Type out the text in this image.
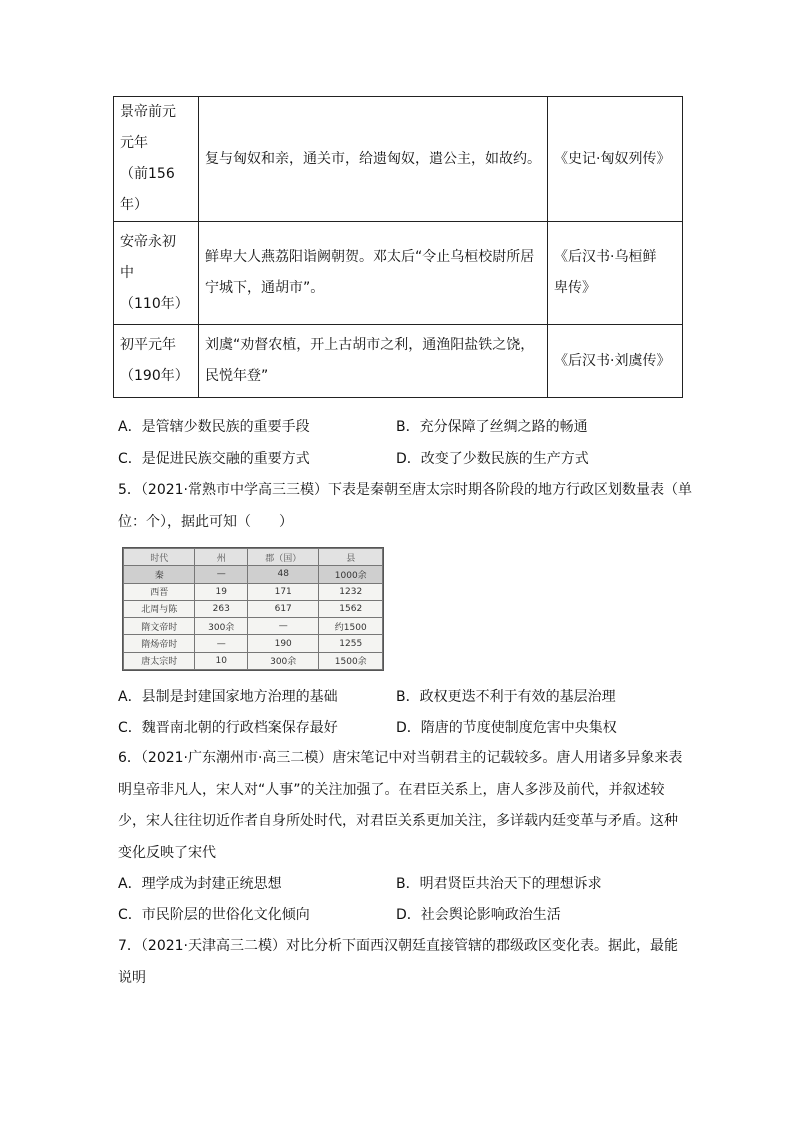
景帝前元
元年
（前156年）	复与匈奴和亲，通关市，给遗匈奴，遣公主，如故约。	《史记·匈奴列传》

安帝永初
中
（110年）	鲜卑大人燕荔阳诣阙朝贺。邓太后“令止乌桓校尉所居
宁城下，通胡市”。	《后汉书·乌桓鲜
卑传》

初平元年
（190年）	刘虞“劝督农植，开上古胡市之利，通渔阳盐铁之饶，
民悦年登”	《后汉书·刘虞传》
A．是管辖少数民族的重要手段	B．充分保障了丝绸之路的畅通
C．是促进民族交融的重要方式	D．改变了少数民族的生产方式
5．（2021·常熟市中学高三三模）下表是秦朝至唐太宗时期各阶段的地方行政区划数量表（单
位：个），据此可知（　　）
时代	州	郡（国）	县
秦	—	48	1000余
西晋	19	171	1232
北周与陈	263	617	1562
隋文帝时	300余	—	约1500
隋炀帝时	—	190	1255
唐太宗时	10	300余	1500余
A．县制是封建国家地方治理的基础	B．政权更迭不利于有效的基层治理
C．魏晋南北朝的行政档案保存最好	D．隋唐的节度使制度危害中央集权
6．（2021·广东潮州市·高三二模）唐宋笔记中对当朝君主的记载较多。唐人用诸多异象来表
明皇帝非凡人，宋人对“人事”的关注加强了。在君臣关系上，唐人多涉及前代，并叙述较
少，宋人往往切近作者自身所处时代，对君臣关系更加关注，多详载内廷变革与矛盾。这种
变化反映了宋代
A．理学成为封建正统思想	B．明君贤臣共治天下的理想诉求
C．市民阶层的世俗化文化倾向	D．社会舆论影响政治生活
7．（2021·天津高三二模）对比分析下面西汉朝廷直接管辖的郡级政区变化表。据此，最能
说明
